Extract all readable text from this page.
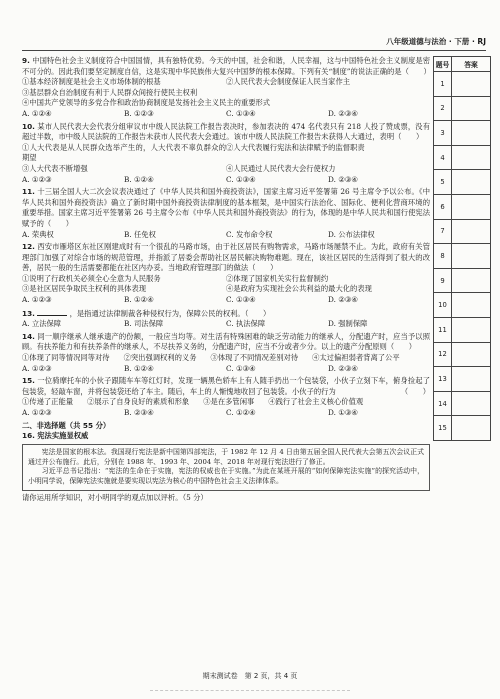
八年级道德与法治 · 下册 · RJ
9. 中国特色社会主义制度符合中国国情，具有独特优势。今天的中国，社会和谐，人民幸福，这与中国特色社会主义制度是密不可分的。因此我们要坚定制度自信，这是实现中华民族伟大复兴中国梦的根本保障。下列有关“制度”的说法正确的是（　　）
①基本经济制度是社会主义市场体制的根基	②人民代表大会制度保证人民当家作主
③基层群众自治制度有利于人民群众间接行使民主权利
④中国共产党领导的多党合作和政治协商制度是发扬社会主义民主的重要形式
A. ①②④	B. ①②③	C. ①③④	D. ②③④
10. 某市人民代表大会代表分组审议市中级人民法院工作报告表决时，参加表决的 474 名代表只有 218 人投了赞成票，没有超过半数，市中级人民法院的工作报告未获市人民代表大会通过。该市中级人民法院工作报告未获得人大通过，表明（　　）
①人大代表是从人民群众选举产生的，人大代表不辜负群众的期望
②人大代表履行宪法和法律赋予的监督职责
③人大代表不断增强	④人民通过人民代表大会行使权力
A. ①②③	B. ①②④	C. ①③④	D. ②③④
11. 十三届全国人大二次会议表决通过了《中华人民共和国外商投资法》，国家主席习近平签署第 26 号主席令予以公布。《中华人民共和国外商投资法》确立了新时期中国外商投资法律制度的基本框架，是中国实行法治化、国际化、便利化营商环境的重要举措。国家主席习近平签署第 26 号主席令公布《中华人民共和国外商投资法》的行为，体现的是中华人民共和国行使宪法赋予的（　　）
A. 荣典权	B. 任免权	C. 发布命令权	D. 公布法律权
12. 西安市雁塔区东社区刚建成时有一个很乱的马路市场，由于社区居民有购物需求，马路市场屡禁不止。为此，政府有关管理部门加强了对综合市场的规范管理，并指派了居委会帮助社区居民解决购物难题。现在，该社区居民的生活得到了很大的改善，居民一般的生活需要都能在社区内办妥。当地政府管理部门的做法（　　）
①说明了行政机关必须全心全意为人民服务	②体现了国家机关实行监督制约
③是社区居民争取民主权利的具体表现	④是政府为实现社会公共利益的最大化的表现
A. ①②③	B. ①②④	C. ①③④	D. ②③④
13.	，是指通过法律制裁各种侵权行为，保障公民的权利。（　　）
A. 立法保障	B. 司法保障	C. 执法保障	D. 强制保障
14. 同一顺序继承人继承遗产的份额，一般应当均等。对生活有特殊困难的缺乏劳动能力的继承人，分配遗产时，应当予以照顾。有扶养能力和有扶养条件的继承人，不尽扶养义务的，分配遗产时，应当不分或者少分。以上的遗产分配原则（　　）
①体现了同等情况同等对待 ②突出强调权利的义务 ③体现了不同情况差别对待 ④太过偏袒弱者背离了公平
A. ①②③	B. ①②④	C. ①③④	D. ②③④
15. 一位骑摩托车的小伙子跟随车车等红灯时，发现一辆黑色轿车上有人随手扔出一个包装袋，小伙子立刻下车，俯身捡起了包装袋，轻敲车窗，并将包装袋还给了车主。随后，车上的人惭愧地收回了包装袋。小伙子的行为	（　　）
①传递了正能量 ②展示了自身良好的素质和形象 ③是在多管闲事 ④践行了社会主义核心价值观
A. ①②③	B. ②③④	C. ①②④	D. ①③④
二、非选择题（共 55 分）
16. 宪法实施显权威

宪法是国家的根本法。我国现行宪法是新中国第四部宪法，于 1982 年 12 月 4 日由第五届全国人民代表大会第五次会议正式通过并公布施行。此后，分别在 1988 年、1993 年、2004 年、2018 年对现行宪法进行了修正。

习近平总书记指出：“宪法的生命在于实施，宪法的权威也在于实施。”为此在某班开展的“如何保障宪法实施”的探究活动中，小明同学说，保障宪法实施就是要实现以宪法为核心的中国特色社会主义法律体系。

请你运用所学知识，对小明同学的观点加以评析。（5 分）
题号	答案
1	
2	
3	
4	
5	
6	
7	
8	
9	
10	
11	
12	
13	
14	
15	
期末测试卷　第 2 页，共 4 页
